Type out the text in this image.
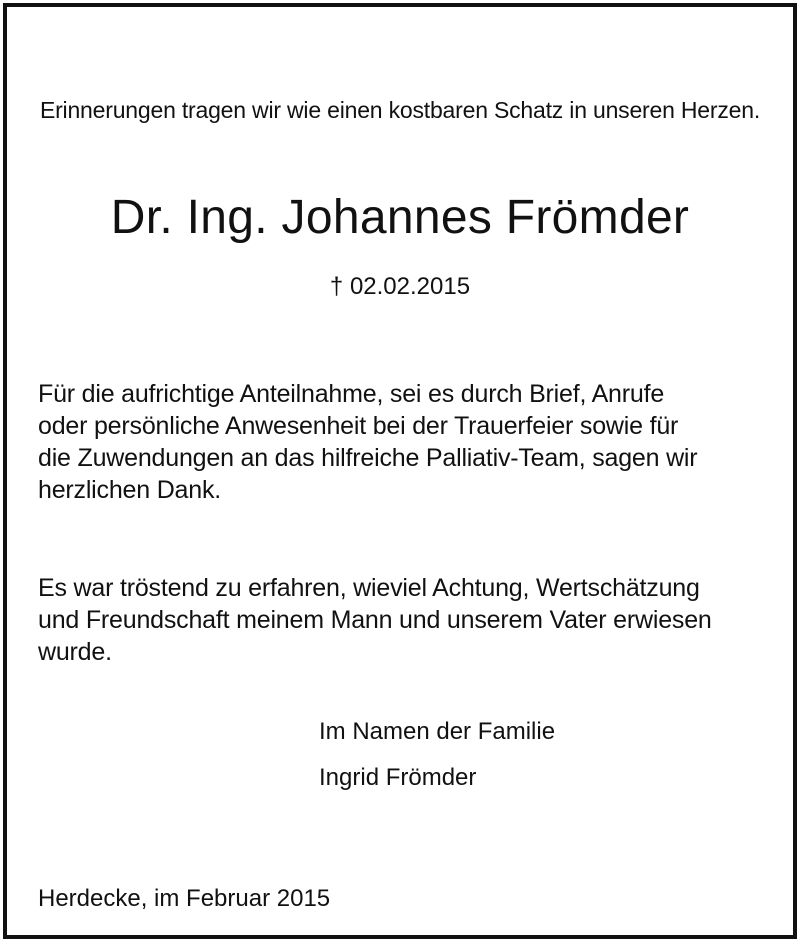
Erinnerungen tragen wir wie einen kostbaren Schatz in unseren Herzen.
Dr. Ing. Johannes Frömder
† 02.02.2015
Für die aufrichtige Anteilnahme, sei es durch Brief, Anrufe
oder persönliche Anwesenheit bei der Trauerfeier sowie für
die Zuwendungen an das hilfreiche Palliativ-Team, sagen wir
herzlichen Dank.
Es war tröstend zu erfahren, wieviel Achtung, Wertschätzung
und Freundschaft meinem Mann und unserem Vater erwiesen
wurde.
Im Namen der Familie
Ingrid Frömder
Herdecke, im Februar 2015
